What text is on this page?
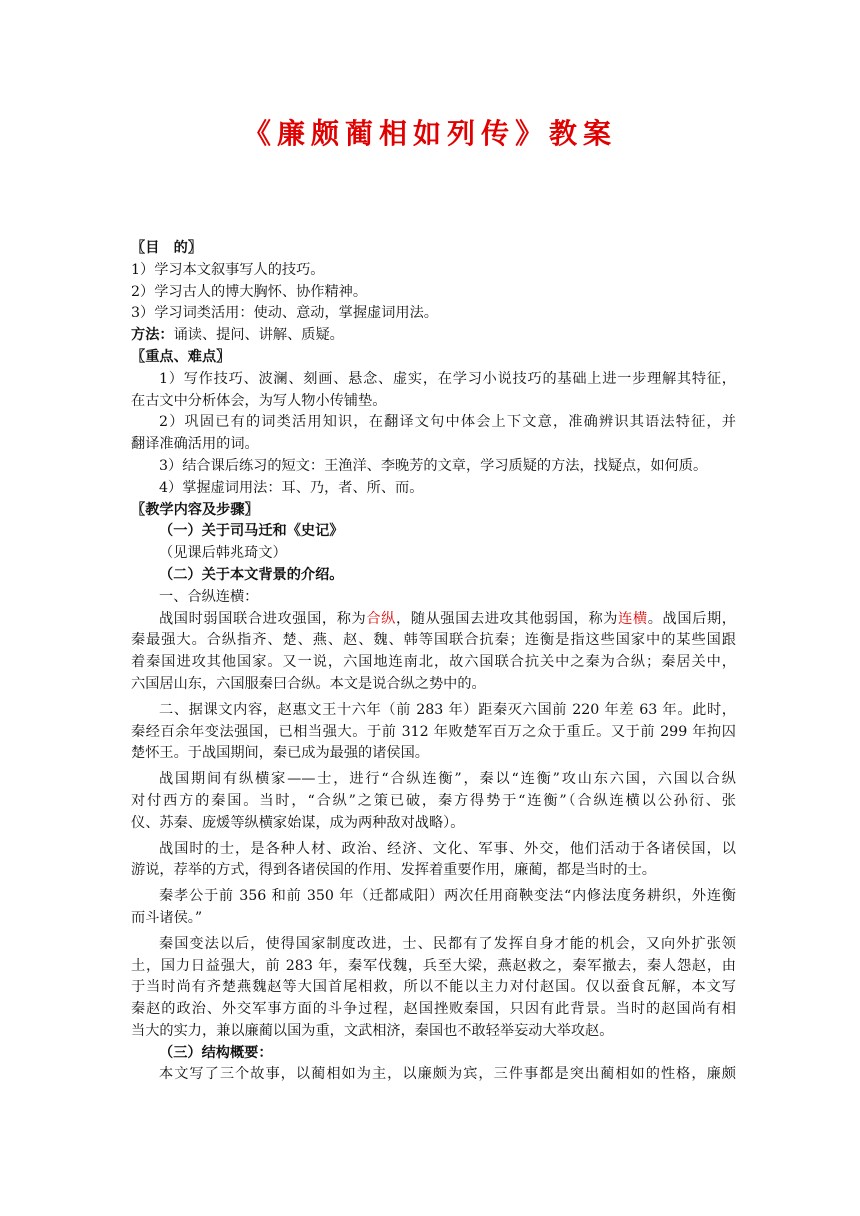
《廉颇蔺相如列传》教案
〖目　的〗
1）学习本文叙事写人的技巧。
2）学习古人的博大胸怀、协作精神。
3）学习词类活用：使动、意动，掌握虚词用法。
方法：诵读、提问、讲解、质疑。
〖重点、难点〗
1）写作技巧、波澜、刻画、悬念、虚实，在学习小说技巧的基础上进一步理解其特征，
在古文中分析体会，为写人物小传铺垫。
2）巩固已有的词类活用知识，在翻译文句中体会上下文意，准确辨识其语法特征，并
翻译准确活用的词。
3）结合课后练习的短文：王渔洋、李晚芳的文章，学习质疑的方法，找疑点，如何质。
4）掌握虚词用法：耳、乃，者、所、而。
〖教学内容及步骤〗
（一）关于司马迁和《史记》
（见课后韩兆琦文）
（二）关于本文背景的介绍。
一、合纵连横：
战国时弱国联合进攻强国，称为合纵，随从强国去进攻其他弱国，称为连横。战国后期，
秦最强大。合纵指齐、楚、燕、赵、魏、韩等国联合抗秦；连衡是指这些国家中的某些国跟
着秦国进攻其他国家。又一说，六国地连南北，故六国联合抗关中之秦为合纵；秦居关中，
六国居山东，六国服秦曰合纵。本文是说合纵之势中的。
二、据课文内容，赵惠文王十六年（前 283 年）距秦灭六国前 220 年差 63 年。此时，
秦经百余年变法强国，已相当强大。于前 312 年败楚军百万之众于重丘。又于前 299 年拘囚
楚怀王。于战国期间，秦已成为最强的诸侯国。
战国期间有纵横家——士，进行“合纵连衡”，秦以“连衡”攻山东六国，六国以合纵
对付西方的秦国。当时，“合纵”之策已破，秦方得势于“连衡”（合纵连横以公孙衍、张
仪、苏秦、庞煖等纵横家始谋，成为两种敌对战略）。
战国时的士，是各种人材、政治、经济、文化、军事、外交，他们活动于各诸侯国，以
游说，荐举的方式，得到各诸侯国的作用、发挥着重要作用，廉蔺，都是当时的士。
秦孝公于前 356 和前 350 年（迁都咸阳）两次任用商鞅变法“内修法度务耕织，外连衡
而斗诸侯。”
秦国变法以后，使得国家制度改进，士、民都有了发挥自身才能的机会，又向外扩张领
土，国力日益强大，前 283 年，秦军伐魏，兵至大梁，燕赵救之，秦军撤去，秦人怨赵，由
于当时尚有齐楚燕魏赵等大国首尾相救，所以不能以主力对付赵国。仅以蚕食瓦解，本文写
秦赵的政治、外交军事方面的斗争过程，赵国挫败秦国，只因有此背景。当时的赵国尚有相
当大的实力，兼以廉蔺以国为重，文武相济，秦国也不敢轻举妄动大举攻赵。
（三）结构概要：
本文写了三个故事，以蔺相如为主，以廉颇为宾，三件事都是突出蔺相如的性格，廉颇
